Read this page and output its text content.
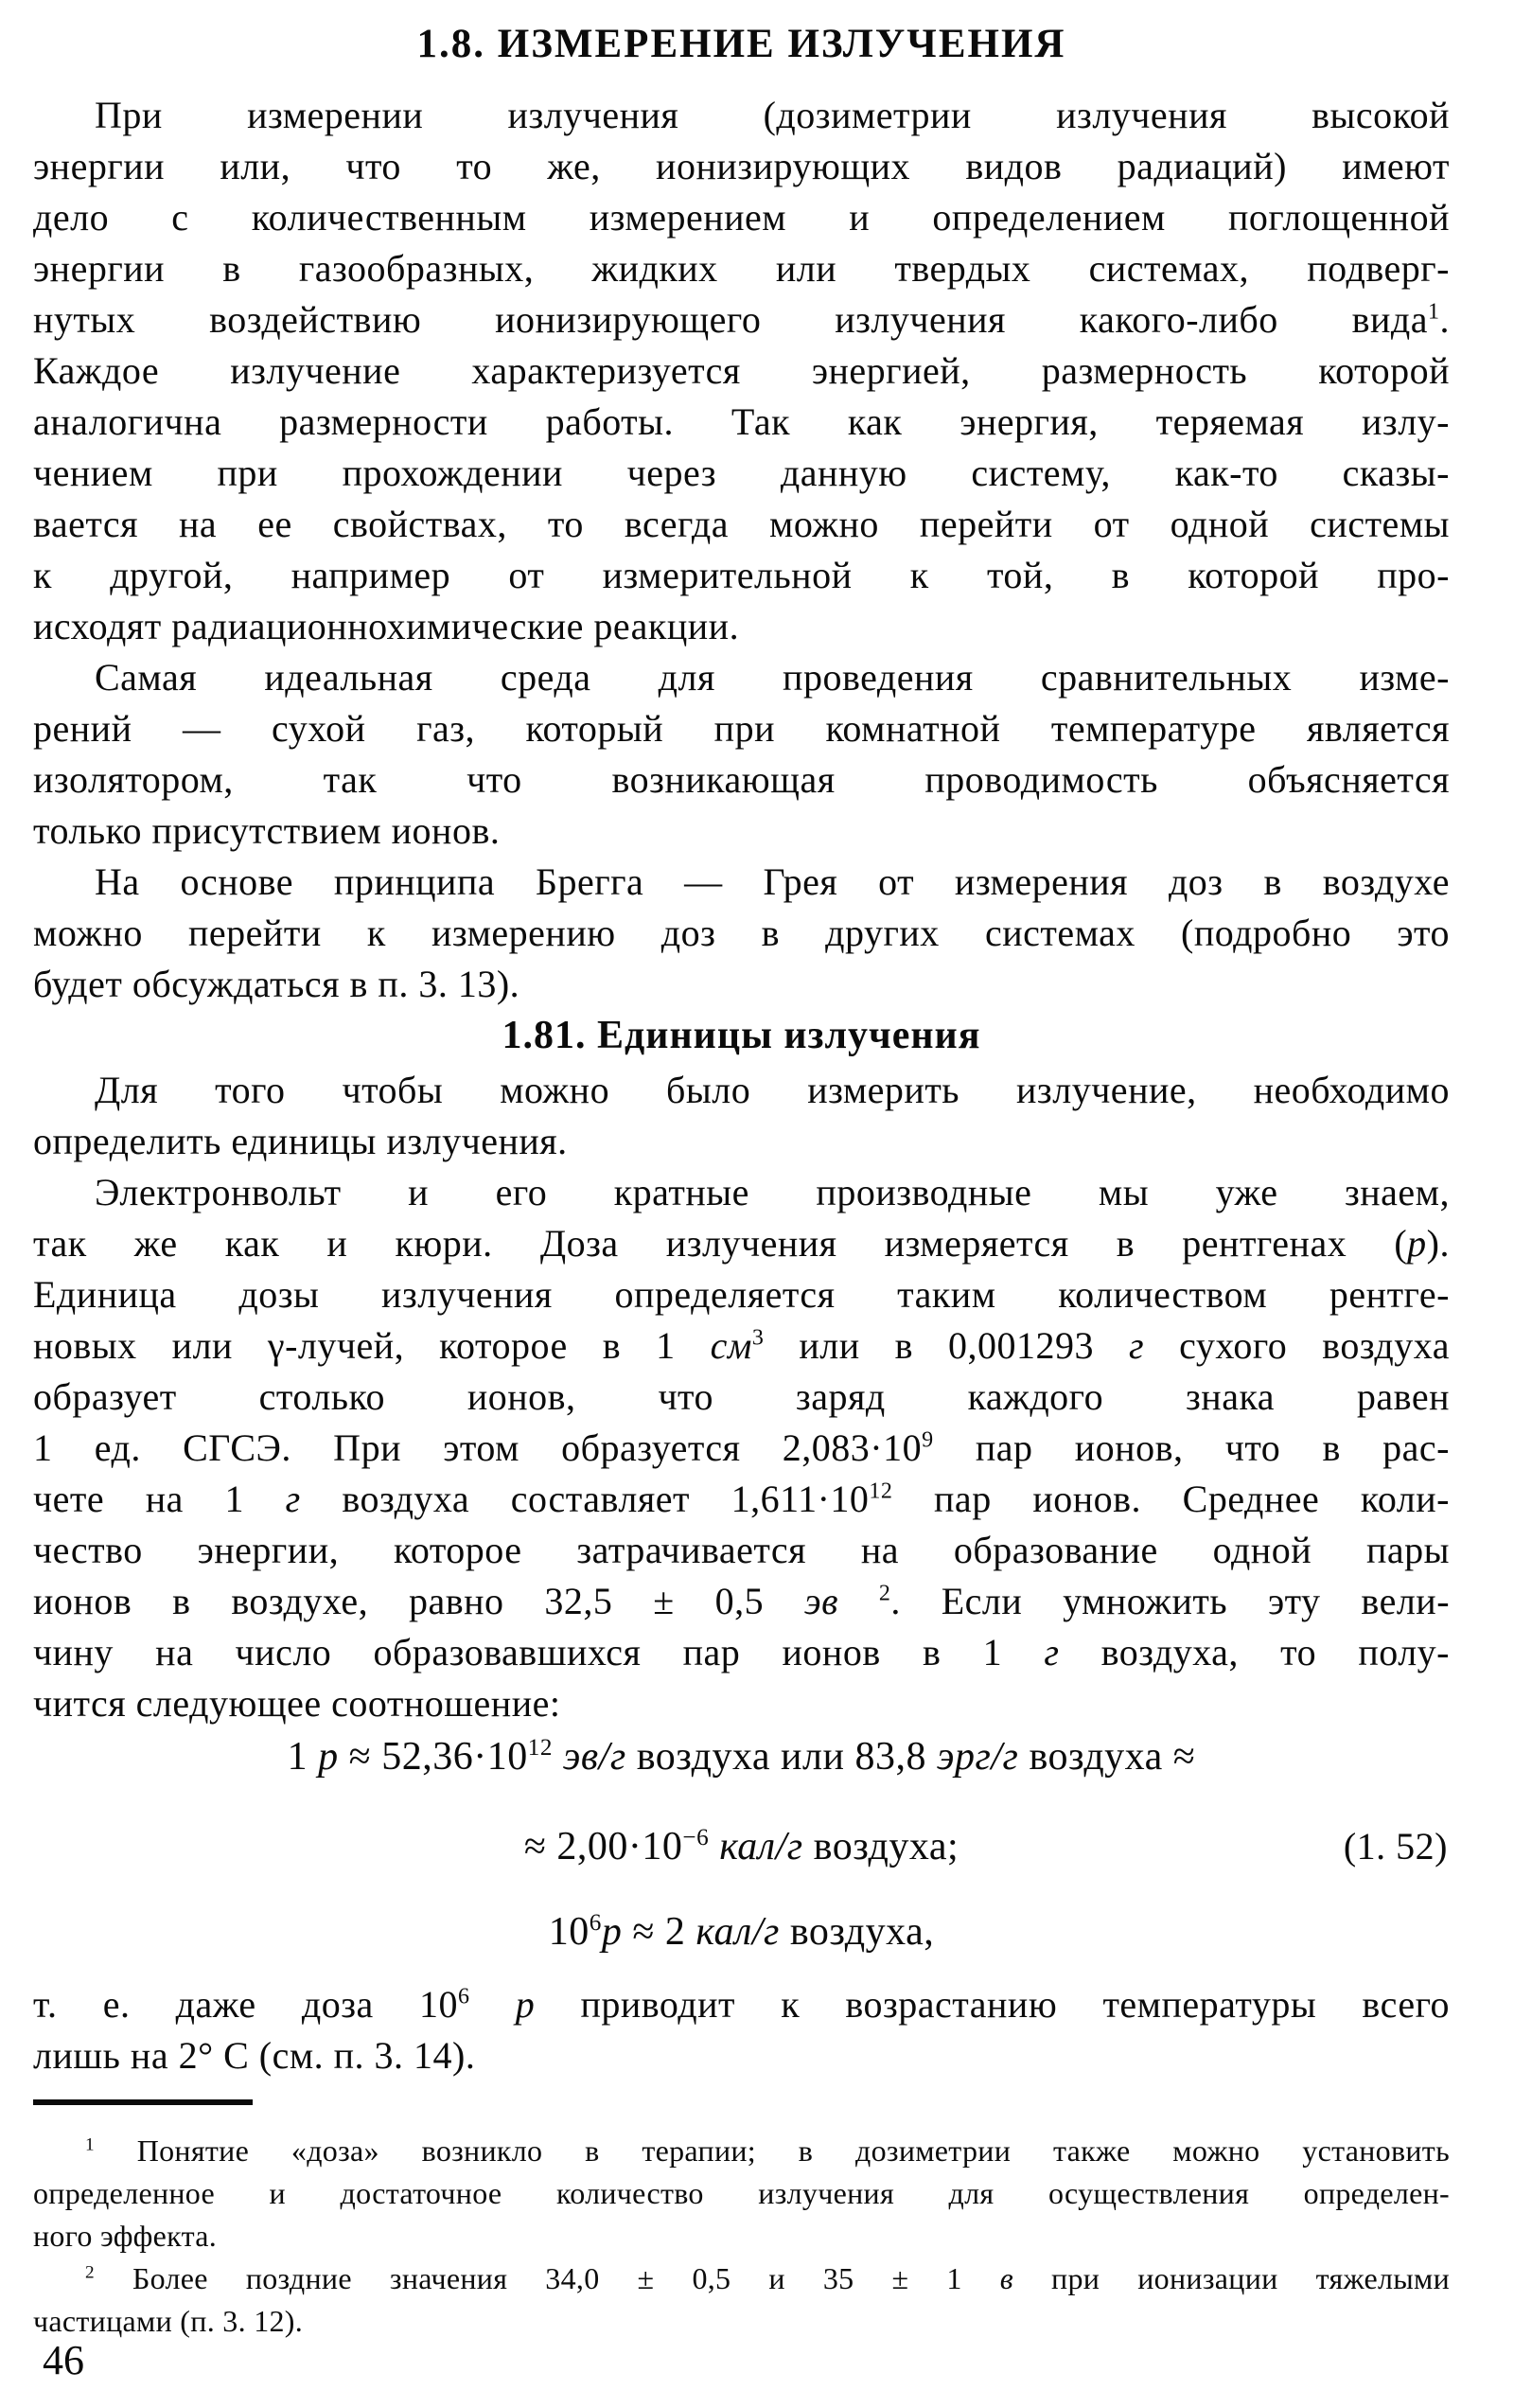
1.8. ИЗМЕРЕНИЕ ИЗЛУЧЕНИЯ
При измерении излучения (дозиметрии излучения высокой
энергии или, что то же, ионизирующих видов радиаций) имеют
дело с количественным измерением и определением поглощенной
энергии в газообразных, жидких или твердых системах, подверг-
нутых воздействию ионизирующего излучения какого-либо вида$^1$.
Каждое излучение характеризуется энергией, размерность которой
аналогична размерности работы. Так как энергия, теряемая излу-
чением при прохождении через данную систему, как-то сказы-
вается на ее свойствах, то всегда можно перейти от одной системы
к другой, например от измерительной к той, в которой про-
исходят радиационнохимические реакции.
Самая идеальная среда для проведения сравнительных изме-
рений — сухой газ, который при комнатной температуре является
изолятором, так что возникающая проводимость объясняется
только присутствием ионов.
На основе принципа Брегга — Грея от измерения доз в воздухе
можно перейти к измерению доз в других системах (подробно это
будет обсуждаться в п. 3. 13).
1.81. Единицы излучения
Для того чтобы можно было измерить излучение, необходимо
определить единицы излучения.
Электронвольт и его кратные производные мы уже знаем,
так же как и кюри. Доза излучения измеряется в рентгенах (р).
Единица дозы излучения определяется таким количеством рентге-
новых или γ-лучей, которое в 1 $см^3$ или в 0,001293 г сухого воздуха
образует столько ионов, что заряд каждого знака равен
1 ед. СГСЭ. При этом образуется $2,083\cdot 10^9$ пар ионов, что в рас-
чете на 1 г воздуха составляет $1,611\cdot 10^{12}$ пар ионов. Среднее коли-
чество энергии, которое затрачивается на образование одной пары
ионов в воздухе, равно 32,5 ± 0,5 эв $^2$. Если умножить эту вели-
чину на число образовавшихся пар ионов в 1 г воздуха, то полу-
чится следующее соотношение:
1 $р \approx 52,36\cdot 10^{12}$ эв/г воздуха или 83,8 эрг/г воздуха ≈
≈ $2,00\cdot 10^{-6}$ кал/г воздуха;	(1. 52)
$10^6р \approx 2$ кал/г воздуха,
т. е. даже доза $10^6$ р приводит к возрастанию температуры всего
лишь на 2° С (см. п. 3. 14).
$^1$ Понятие «доза» возникло в терапии; в дозиметрии также можно установить
определенное и достаточное количество излучения для осуществления определен-
ного эффекта.
$^2$ Более поздние значения 34,0 ± 0,5 и 35 ± 1 в при ионизации тяжелыми
частицами (п. 3. 12).
46
